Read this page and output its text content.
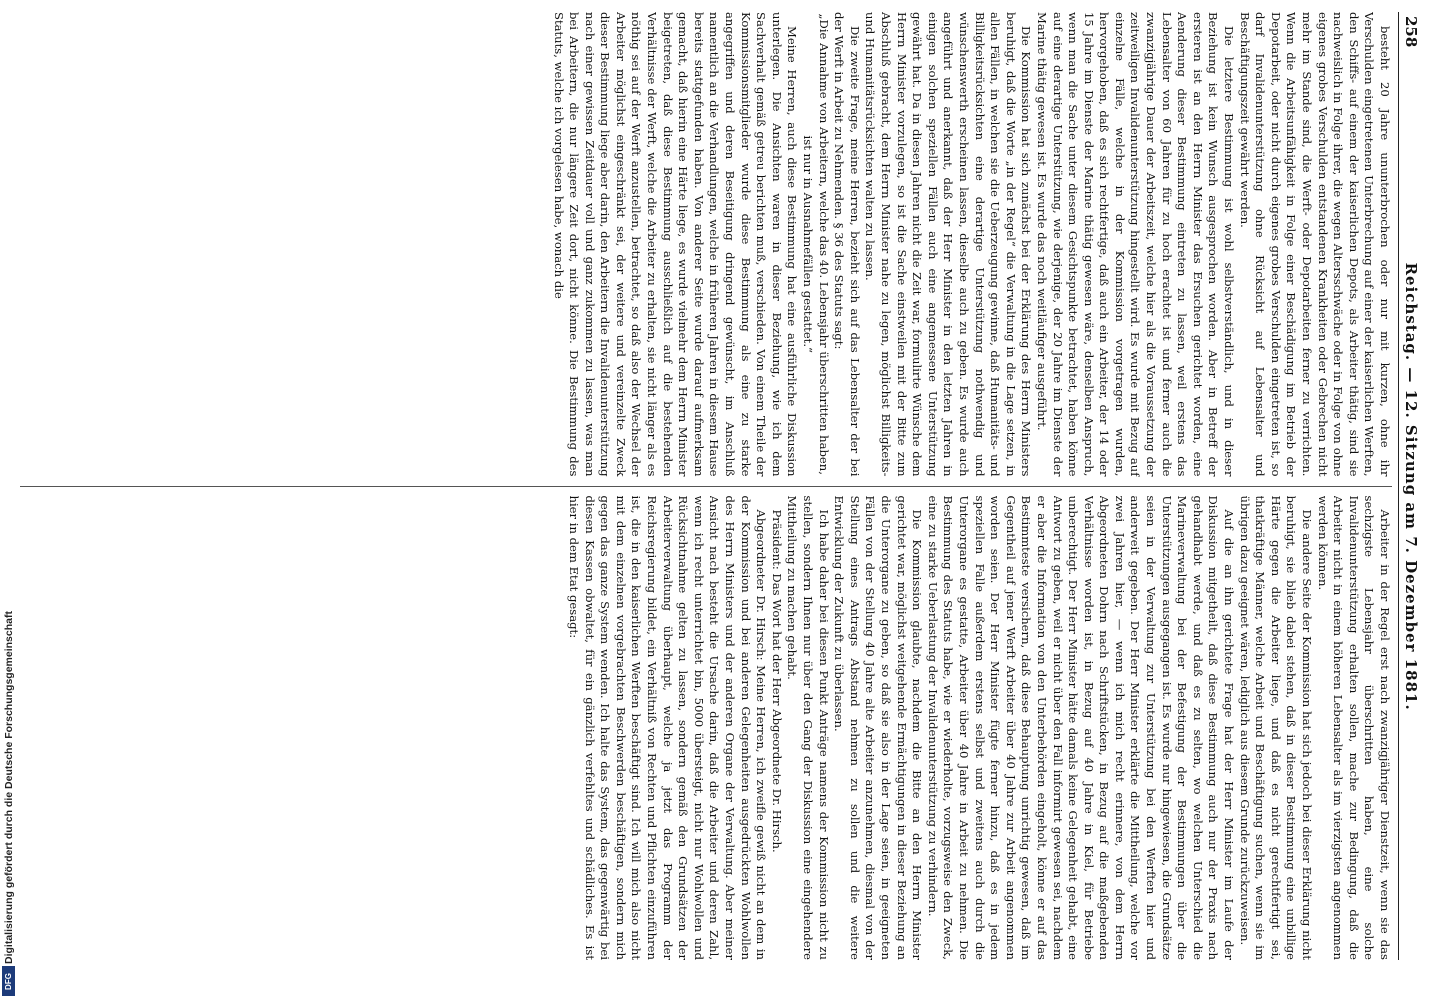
258
Reichstag. — 12. Sitzung am 7. Dezember 1881.

besteht 20 Jahre ununterbrochen oder nur mit kurzen, ohne ihr Verschulden eingetretenen Unterbrechung auf einer der kaiserlichen Werften, den Schiffs- auf einem der kaiserlichen Depots, als Arbeiter thätig, sind sie nachweislich in Folge ihrer, die wegen Altersschwäche oder in Folge von ohne eigenes grobes Verschulden entstandenen Krankheiten oder Gebrechen nicht mehr im Stande sind, die Werft- oder Depotarbeiten ferner zu verrichten. Wenn die Arbeitsunfähigkeit in Folge einer Beschädigung im Betrieb der Depotarbeit, oder nicht durch eigenes grobes Verschulden eingetreten ist, so darf Invalidenunterstützung ohne Rücksicht auf Lebensalter und Beschäftigungszeit gewährt werden.

Die letztere Bestimmung ist wohl selbstverständlich, und in dieser Beziehung ist kein Wunsch ausgesprochen worden. Aber in Betreff der ersteren ist an den Herrn Minister das Ersuchen gerichtet worden, eine Aenderung dieser Bestimmung eintreten zu lassen, weil erstens das Lebensalter von 60 Jahren für zu hoch erachtet ist und ferner auch die zwanzigjährige Dauer der Arbeitszeit, welche hier als die Voraussetzung der zeitweiligen Invalidenunterstützung hingestellt wird. Es wurde mit Bezug auf einzelne Fälle, welche in der Kommission vorgetragen wurden, hervorgehoben, daß es sich rechtfertige, daß auch ein Arbeiter, der 14 oder 15 Jahre im Dienste der Marine thätig gewesen wäre, denselben Anspruch, wenn man die Sache unter diesem Gesichtspunkte betrachtet, haben könne auf eine derartige Unterstützung, wie derjenige, der 20 Jahre im Dienste der Marine thätig gewesen ist. Es wurde das noch weitläufiger ausgeführt.

Die Kommission hat sich zunächst bei der Erklärung des Herrn Ministers beruhigt, daß die Worte „in der Regel“ die Verwaltung in die Lage setzen, in allen Fällen, in welchen sie die Ueberzeugung gewinne, daß Humanitäts- und Billigkeitsrücksichten eine derartige Unterstützung nothwendig und wünschenswerth erscheinen lassen, dieselbe auch zu geben. Es wurde auch angeführt und anerkannt, daß der Herr Minister in den letzten Jahren in einigen solchen speziellen Fällen auch eine angemessene Unterstützung gewährt hat. Da in diesen Jahren nicht die Zeit war, formulirte Wünsche dem Herrn Minister vorzulegen, so ist die Sache einstweilen mit der Bitte zum Abschluß gebracht, dem Herrn Minister nahe zu legen, möglichst Billigkeits- und Humanitätsrücksichten walten zu lassen.

Die zweite Frage, meine Herren, bezieht sich auf das Lebensalter der bei der Werft in Arbeit zu Nehmenden. § 36 des Statuts sagt:

„Die Annahme von Arbeitern, welche das 40. Lebensjahr überschritten haben, ist nur in Ausnahmefällen gestattet.“

Meine Herren, auch diese Bestimmung hat eine ausführliche Diskussion unterlegen. Die Ansichten waren in dieser Beziehung, wie ich dem Sachverhalt gemäß getreu berichten muß, verschieden. Von einem Theile der Kommissionsmitglieder wurde diese Bestimmung als eine zu starke angegriffen und deren Beseitigung dringend gewünscht, im Anschluß namentlich an die Verhandlungen, welche in früheren Jahren in diesem Hause bereits stattgefunden haben. Von anderer Seite wurde darauf aufmerksam gemacht, daß hierin eine Härte liege, es wurde vielmehr dem Herrn Minister beigetreten, daß diese Bestimmung ausschließlich auf die bestehenden Verhältnisse der Werft, welche die Arbeiter zu erhalten, sie nicht länger als es nöthig sei auf der Werft anzustellen, betrachtet, so daß also der Wechsel der Arbeiter möglichst eingeschränkt sei, der weitere und vereinzelte Zweck dieser Bestimmung liege aber darin, den Arbeitern die Invalidenunterstützung nach einer gewissen Zeitdauer voll und ganz zukommen zu lassen, was man bei Arbeitern, die nur längere Zeit dort, nicht könne. Die Bestimmung des Statuts, welche ich vorgelesen habe, wonach die

Arbeiter in der Regel erst nach zwanzigjähriger Dienstzeit, wenn sie das sechzigste Lebensjahr überschritten haben, eine solche Invalidenunterstützung erhalten sollen, mache zur Bedingung, daß die Arbeiter nicht in einem höheren Lebensalter als im vierzigsten angenommen werden können.

Die andere Seite der Kommission hat sich jedoch bei dieser Erklärung nicht beruhigt, sie blieb dabei stehen, daß in dieser Bestimmung eine unbillige Härte gegen die Arbeiter liege, und daß es nicht gerechtfertigt sei, thatkräftige Männer, welche Arbeit und Beschäftigung suchen, wenn sie im übrigen dazu geeignet wären, lediglich aus diesem Grunde zurückzuweisen.

Auf die an ihn gerichtete Frage hat der Herr Minister im Laufe der Diskussion mitgetheilt, daß diese Bestimmung auch nur der Praxis nach gehandhabt werde, und daß es zu selten, wo welchen Unterschied die Marineverwaltung bei der Befestigung der Bestimmungen über die Unterstützungen ausgegangen ist. Es wurde nur hingewiesen, die Grundsätze seien in der Verwaltung zur Unterstützung bei den Werften hier und anderweit gegeben. Der Herr Minister erklärte die Mittheilung, welche vor zwei Jahren hier, — wenn ich mich recht erinnere, von dem Herrn Abgeordneten Dohrn nach Schriftstücken, in Bezug auf die maßgebenden Verhältnisse worden ist, in Bezug auf 40 Jahre in Kiel, für Betriebe unberechtigt. Der Herr Minister hätte damals keine Gelegenheit gehabt, eine Antwort zu geben, weil er nicht über den Fall informirt gewesen sei, nachdem er aber die Information von den Unterbehörden eingeholt, könne er auf das Bestimmteste versichern, daß diese Behauptung unrichtig gewesen, daß im Gegentheil auf jener Werft Arbeiter über 40 Jahre zur Arbeit angenommen worden seien. Der Herr Minister fügte ferner hinzu, daß es in jedem speziellen Falle außerdem erstens selbst und zweitens auch durch die Unterorgane es gestatte, Arbeiter über 40 Jahre in Arbeit zu nehmen. Die Bestimmung des Statuts habe, wie er wiederholte, vorzugsweise den Zweck, eine zu starke Ueberlastung der Invalidenunterstützung zu verhindern.

Die Kommission glaubte, nachdem die Bitte an den Herrn Minister gerichtet war, möglichst weitgehende Ermächtigungen in dieser Beziehung an die Unterorgane zu geben, so daß sie also in der Lage seien, in geeigneten Fällen von der Stellung 40 Jahre alte Arbeiter anzunehmen, diesmal von der Stellung eines Antrags Abstand nehmen zu sollen und die weitere Entwicklung der Zukunft zu überlassen.

Ich habe daher bei diesen Punkt Anträge namens der Kommission nicht zu stellen, sondern Ihnen nur über den Gang der Diskussion eine eingehendere Mittheilung zu machen gehabt.

Präsident: Das Wort hat der Herr Abgeordnete Dr. Hirsch.

Abgeordneter Dr. Hirsch: Meine Herren, ich zweifle gewiß nicht an dem in der Kommission und bei anderen Gelegenheiten ausgedrückten Wohlwollen des Herrn Ministers und der anderen Organe der Verwaltung. Aber meiner Ansicht nach besteht die Ursache darin, daß die Arbeiter und deren Zahl, wenn ich recht unterrichtet bin, 5000 übersteigt, nicht nur Wohlwollen und Rücksichtnahme gelten zu lassen, sondern gemäß den Grundsätzen der Arbeiterverwaltung überhaupt, welche ja jetzt das Programm der Reichsregierung bildet, ein Verhältniß von Rechten und Pflichten einzuführen ist, die in den kaiserlichen Werften beschäftigt sind. Ich will mich also nicht mit dem einzelnen vorgebrachten Beschwerden beschäftigen, sondern mich gegen das ganze System wenden. Ich halte das System, das gegenwärtig bei diesen Kassen obwaltet, für ein gänzlich verfehltes und schädliches. Es ist hier in dem Etat gesagt:

Digitalisierung gefördert durch die Deutsche Forschungsgemeinschaft
DFG
